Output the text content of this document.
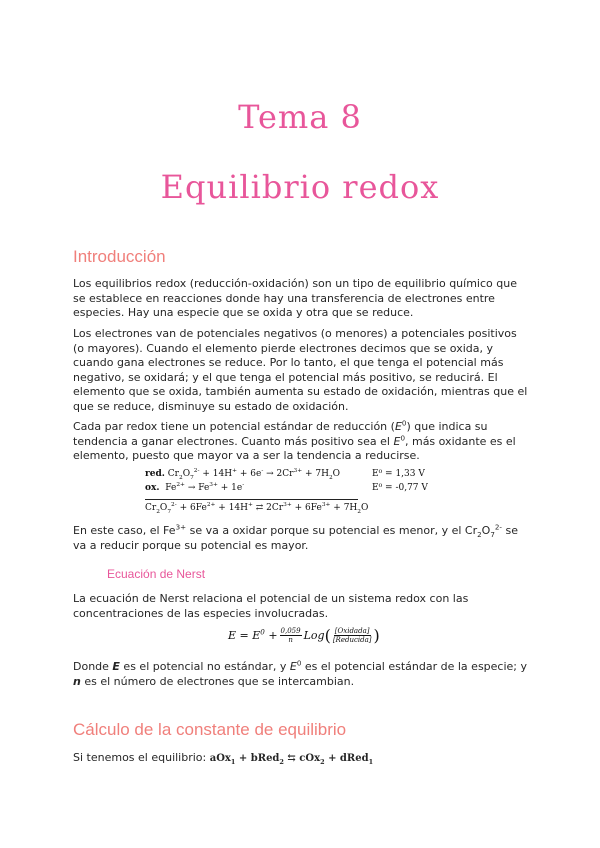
Tema 8
Equilibrio redox
Introducción
Los equilibrios redox (reducción-oxidación) son un tipo de equilibrio químico que se establece en reacciones donde hay una transferencia de electrones entre especies. Hay una especie que se oxida y otra que se reduce.
Los electrones van de potenciales negativos (o menores) a potenciales positivos (o mayores). Cuando el elemento pierde electrones decimos que se oxida, y cuando gana electrones se reduce. Por lo tanto, el que tenga el potencial más negativo, se oxidará; y el que tenga el potencial más positivo, se reducirá. El elemento que se oxida, también aumenta su estado de oxidación, mientras que el que se reduce, disminuye su estado de oxidación.
Cada par redox tiene un potencial estándar de reducción $(E^0)$ que indica su tendencia a ganar electrones. Cuanto más positivo sea el $E^0$, más oxidante es el elemento, puesto que mayor va a ser la tendencia a reducirse.
red. $Cr_2O_7^{2-} + 14H^+ + 6e^- \to 2Cr^{3+} + 7H_2O$	E⁰ = 1,33 V
ox.  $Fe^{2+} \to Fe^{3+} + 1e^-$	E⁰ = -0,77 V
$Cr_2O_7^{2-} + 6Fe^{2+} + 14H^+$ ⇄ $2Cr^{3+} + 6Fe^{3+} + 7H_2O$
En este caso, el $Fe^{3+}$ se va a oxidar porque su potencial es menor, y el $Cr_2O_7^{2-}$ se va a reducir porque su potencial es mayor.
Ecuación de Nerst
La ecuación de Nerst relaciona el potencial de un sistema redox con las concentraciones de las especies involucradas.
$E = E^0 + \frac{0,059}{n}$ Log ( $\frac{\text{[Oxidada]}}{\text{[Reducida]}}$ )
Donde E es el potencial no estándar, y $E^0$ es el potencial estándar de la especie; y n es el número de electrones que se intercambian.
Cálculo de la constante de equilibrio
Si tenemos el equilibrio: aOx$_1$ + bRed$_2$ ⇆ cOx$_2$ + dRed$_1$
